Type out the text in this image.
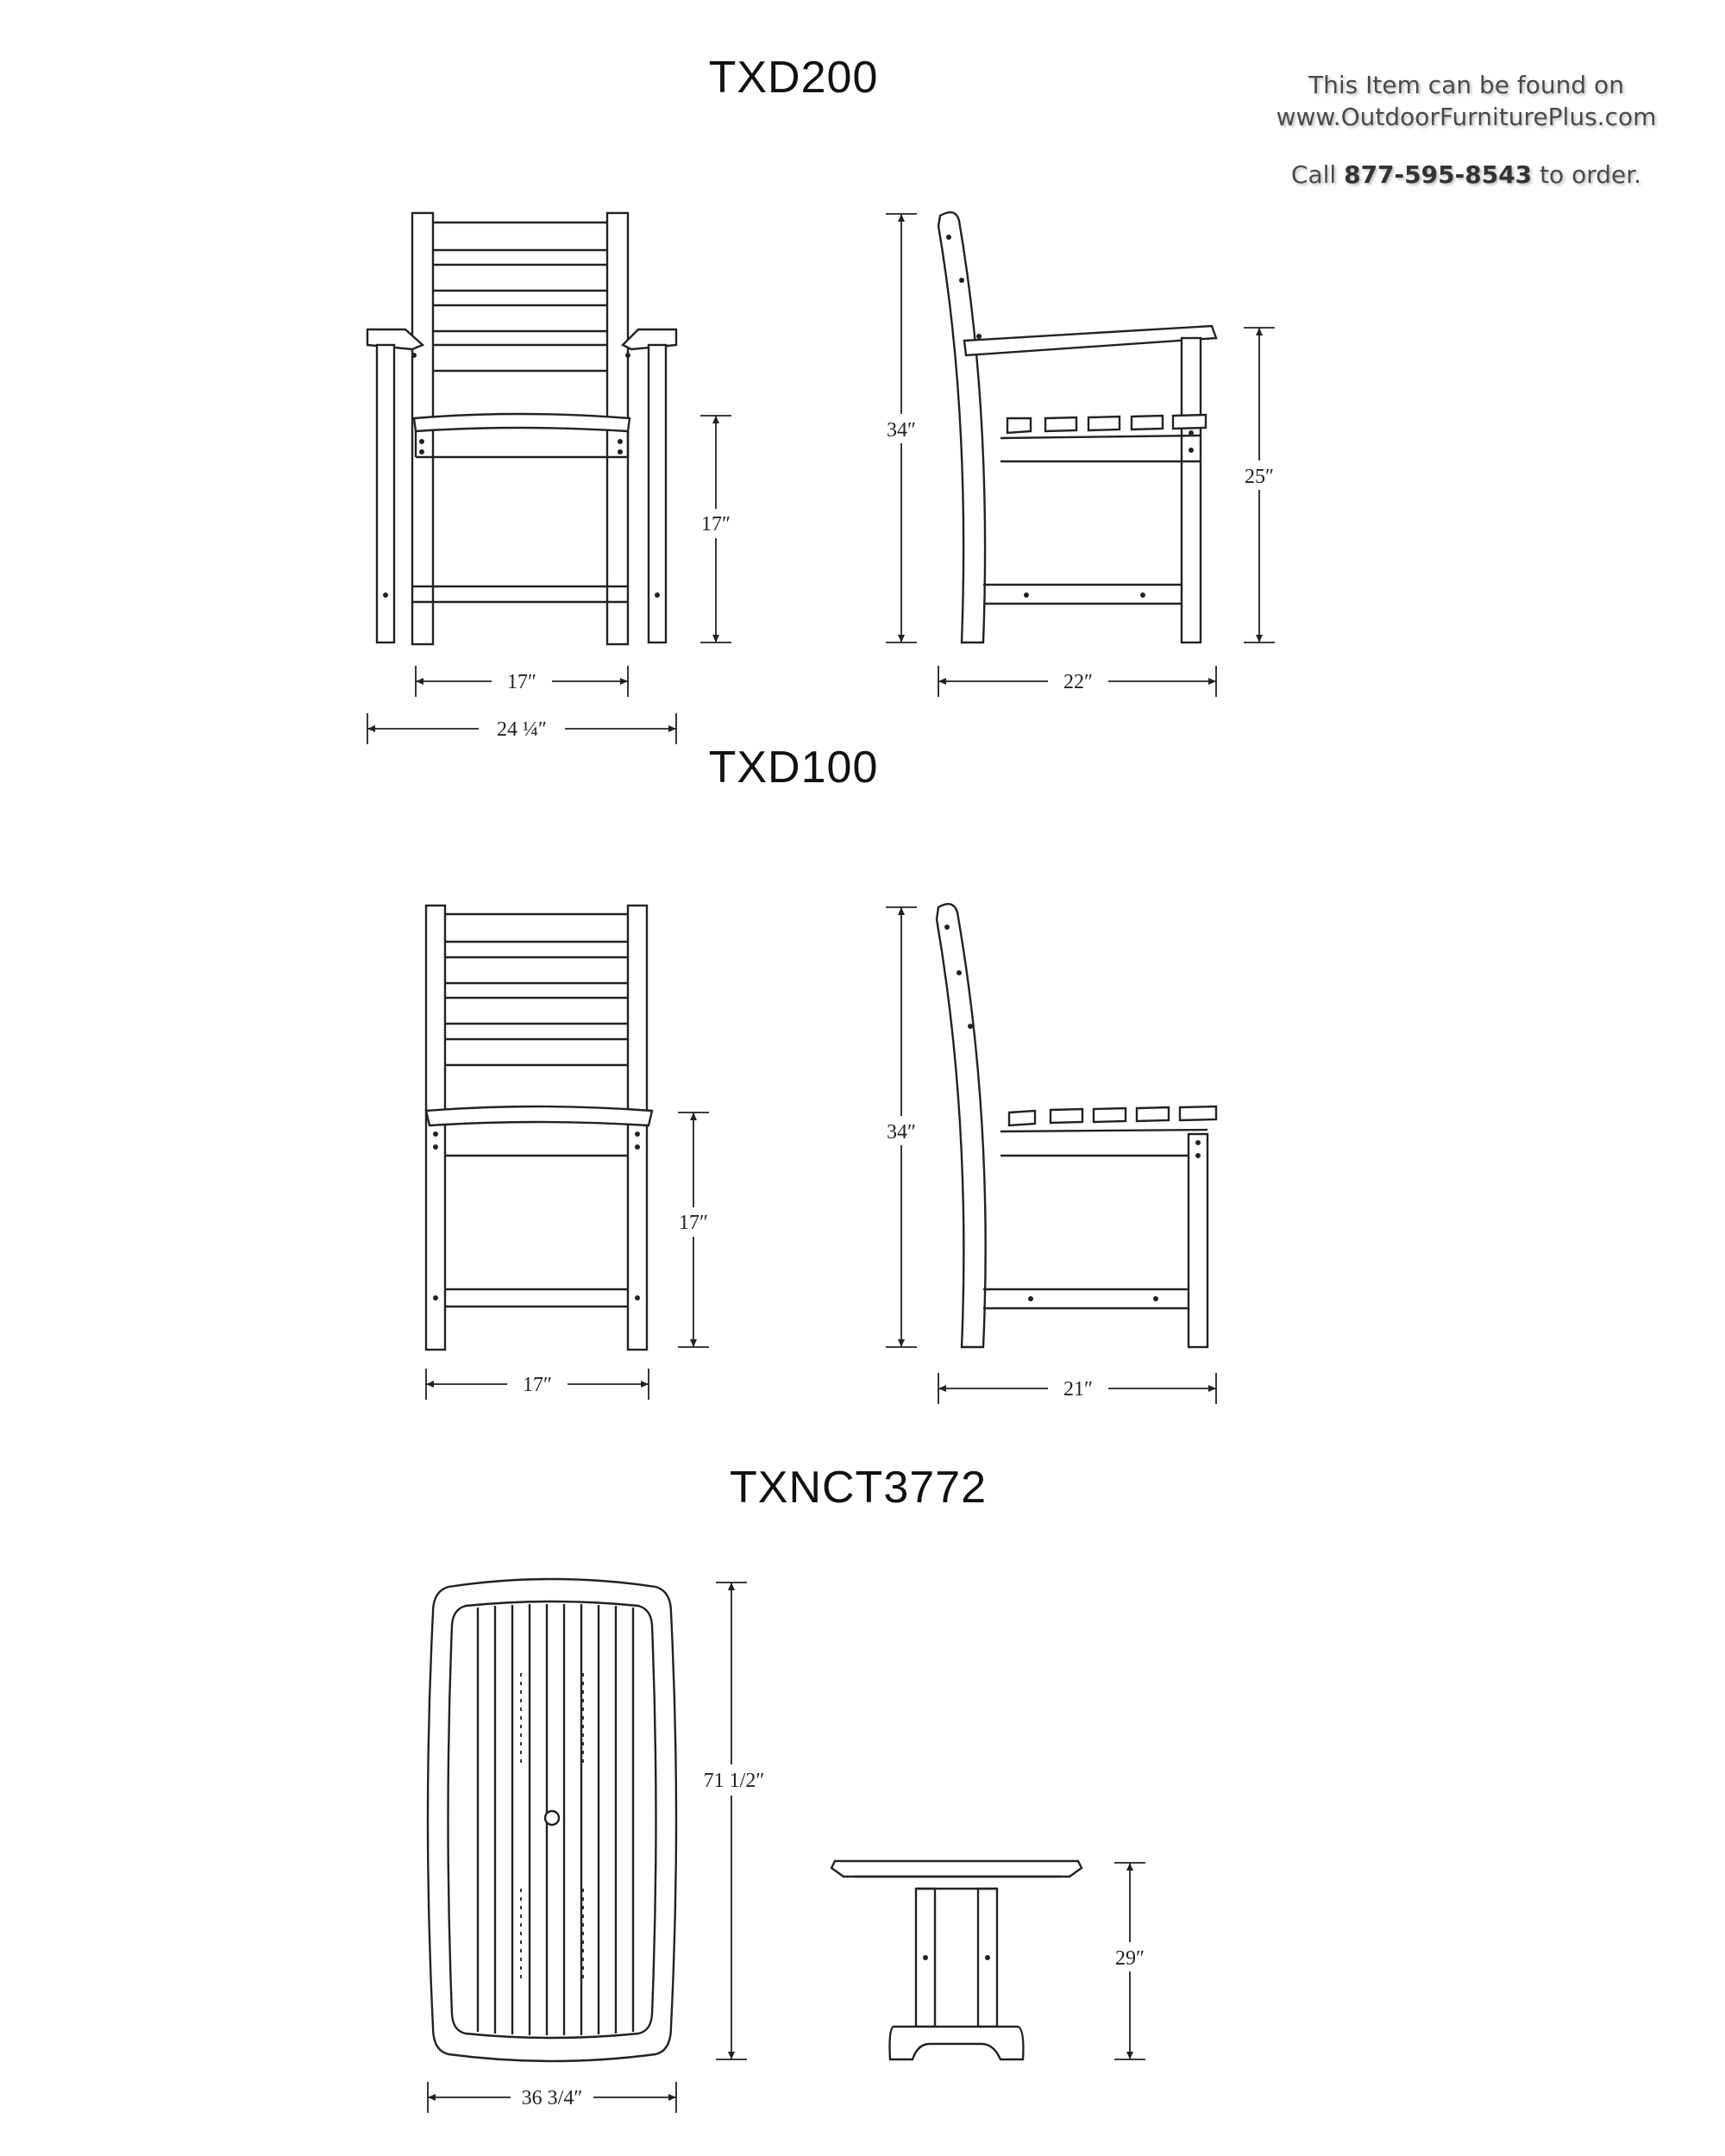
TXD200
TXD100
TXNCT3772
This Item can be found on
www.OutdoorFurniturePlus.com
Call 877-595-8543 to order.
17″
17″
24 ¼″
34″
25″
22″
17″
17″
34″
21″
71 1/2″
36 3/4″
29″
